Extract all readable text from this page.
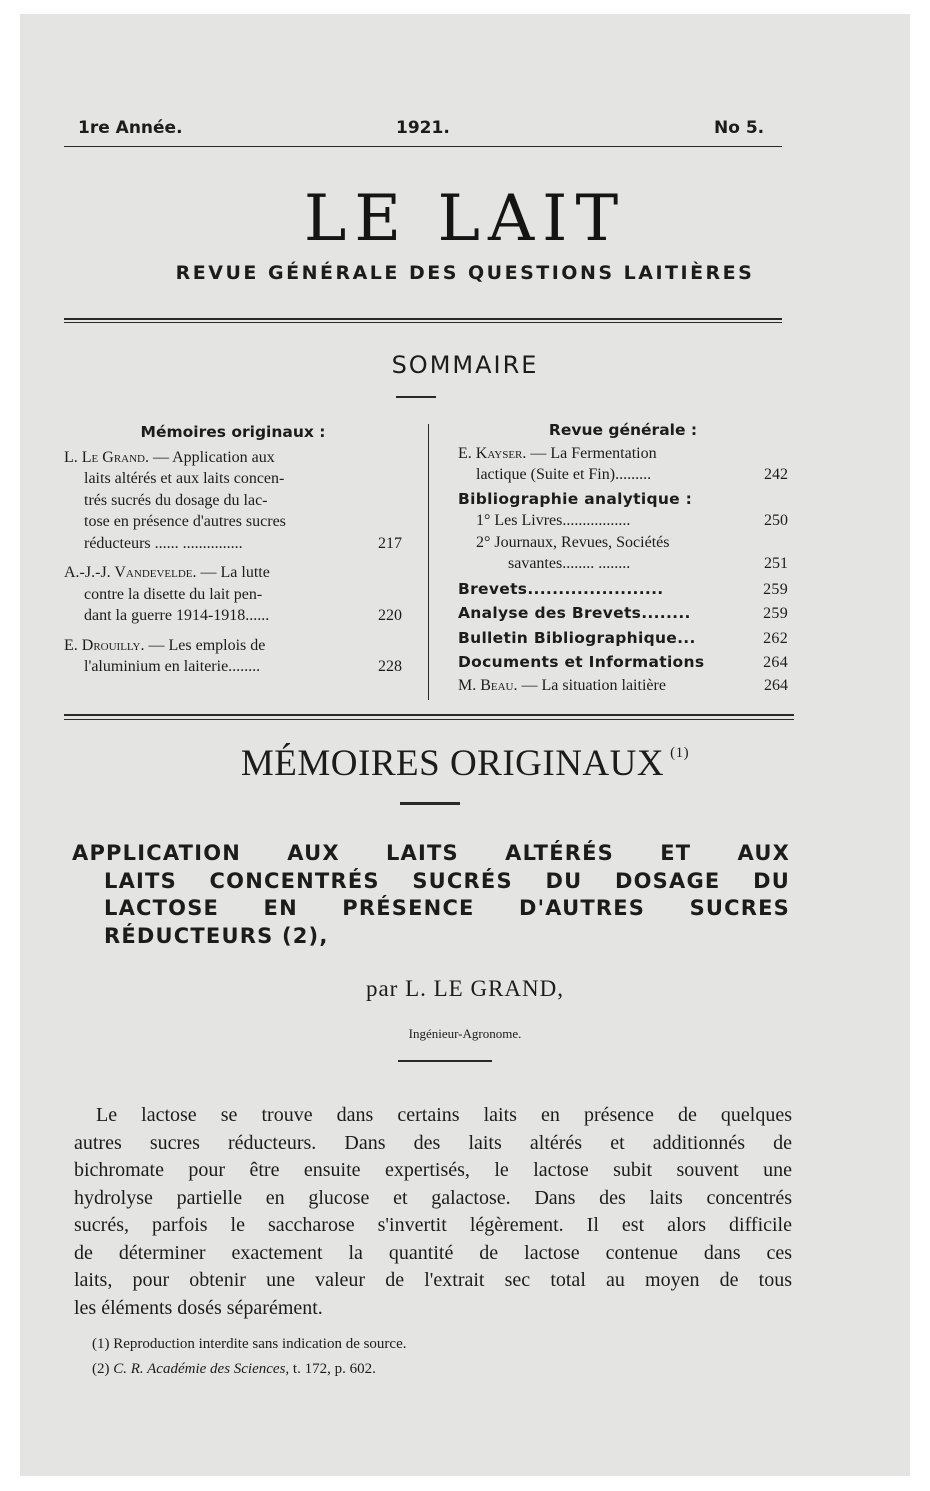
1re Année.	1921.	No 5.
LE LAIT
REVUE GÉNÉRALE DES QUESTIONS LAITIÈRES
SOMMAIRE
Mémoires originaux :
L. Le Grand. — Application aux
laits altérés et aux laits concen-
trés sucrés du dosage du lac-
tose en présence d'autres sucres
réducteurs ...... ...............	217
A.-J.-J. Vandevelde. — La lutte
contre la disette du lait pen-
dant la guerre 1914-1918......	220
E. Drouilly. — Les emplois de
l'aluminium en laiterie........	228
Revue générale :
E. Kayser. — La Fermentation
lactique (Suite et Fin).........	242
Bibliographie analytique :
1° Les Livres.................	250
2° Journaux, Revues, Sociétés
savantes........ ........	251
Brevets......................	259
Analyse des Brevets........	259
Bulletin Bibliographique...	262
Documents et Informations	264
M. Beau. — La situation laitière	264
MÉMOIRES ORIGINAUX $^{(1)}$
APPLICATION AUX LAITS ALTÉRÉS ET AUX
LAITS CONCENTRÉS SUCRÉS DU DOSAGE DU
LACTOSE EN PRÉSENCE D'AUTRES SUCRES
RÉDUCTEURS (2),
par L. LE GRAND,
Ingénieur-Agronome.
Le lactose se trouve dans certains laits en présence de quelques
autres sucres réducteurs. Dans des laits altérés et additionnés de
bichromate pour être ensuite expertisés, le lactose subit souvent une
hydrolyse partielle en glucose et galactose. Dans des laits concentrés
sucrés, parfois le saccharose s'invertit légèrement. Il est alors difficile
de déterminer exactement la quantité de lactose contenue dans ces
laits, pour obtenir une valeur de l'extrait sec total au moyen de tous
les éléments dosés séparément.
(1) Reproduction interdite sans indication de source.
(2) C. R. Académie des Sciences, t. 172, p. 602.
